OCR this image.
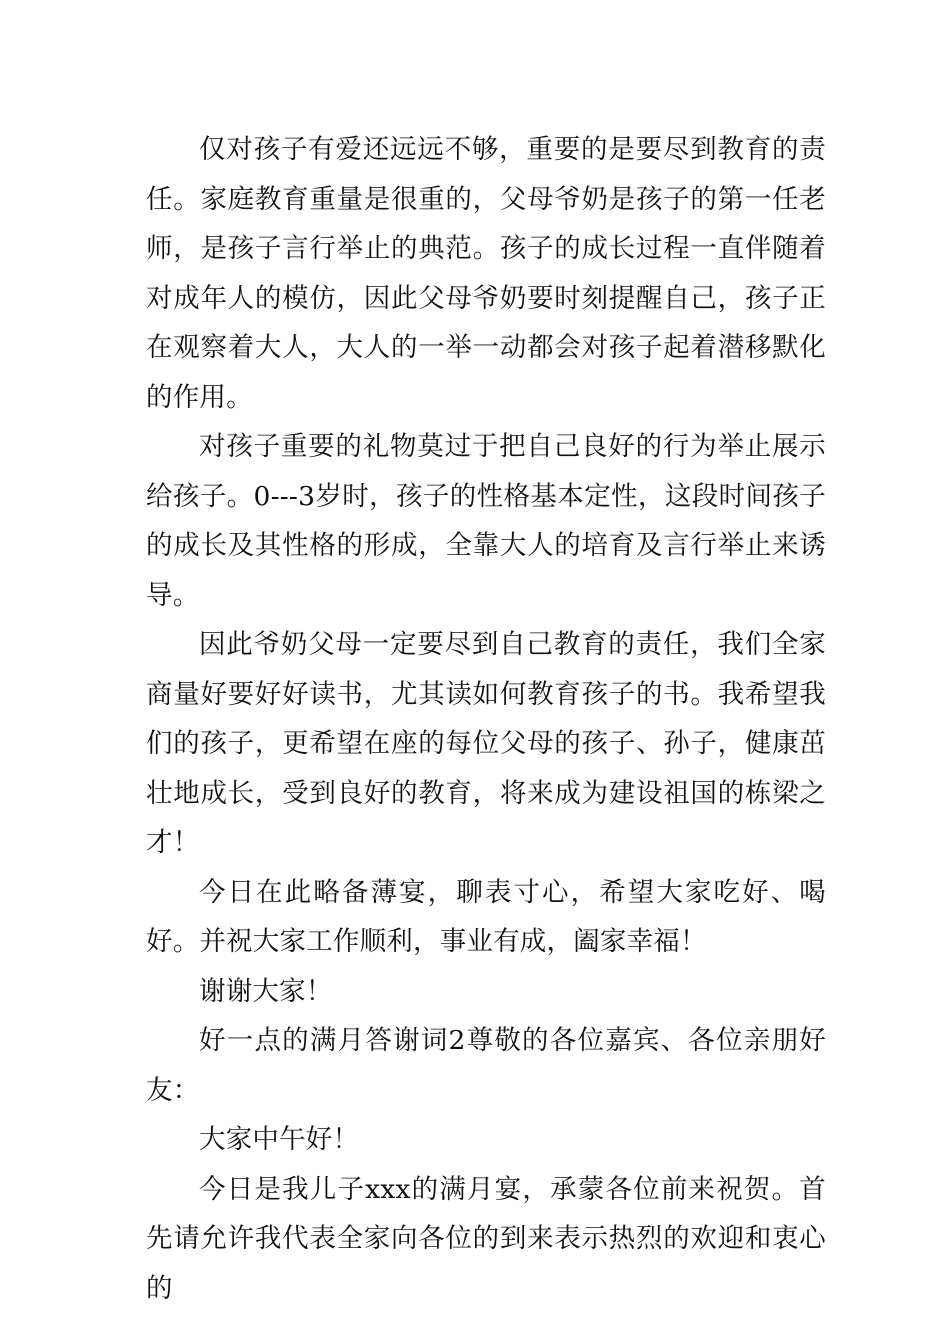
仅对孩子有爱还远远不够，重要的是要尽到教育的责任。家庭教育重量是很重的，父母爷奶是孩子的第一任老师，是孩子言行举止的典范。孩子的成长过程一直伴随着对成年人的模仿，因此父母爷奶要时刻提醒自己，孩子正在观察着大人，大人的一举一动都会对孩子起着潜移默化的作用。

对孩子重要的礼物莫过于把自己良好的行为举止展示给孩子。0---3岁时，孩子的性格基本定性，这段时间孩子的成长及其性格的形成，全靠大人的培育及言行举止来诱导。

因此爷奶父母一定要尽到自己教育的责任，我们全家商量好要好好读书，尤其读如何教育孩子的书。我希望我们的孩子，更希望在座的每位父母的孩子、孙子，健康茁壮地成长，受到良好的教育，将来成为建设祖国的栋梁之才！

今日在此略备薄宴，聊表寸心，希望大家吃好、喝好。并祝大家工作顺利，事业有成，阖家幸福！

谢谢大家！

好一点的满月答谢词2尊敬的各位嘉宾、各位亲朋好友：

大家中午好！

今日是我儿子xxx的满月宴，承蒙各位前来祝贺。首先请允许我代表全家向各位的到来表示热烈的欢迎和衷心的
